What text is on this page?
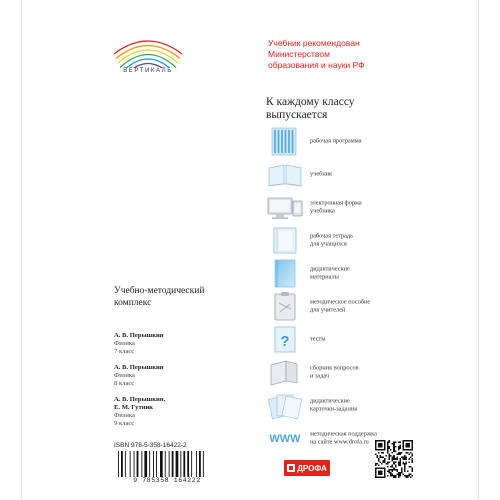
ВЕРТИКАЛЬ
Учебник рекомендован
Министерством
образования и науки РФ
К каждому классу
выпускается
рабочая программа
учебник
электронная форма
учебника
рабочая тетрадь
для учащихся
дидактические
материалы
методическое пособие
для учителей
?	тесты
сборник вопросов
и задач
дидактические
карточки-задания
WWW методическая поддержка
на сайте www.drofa.ru
Учебно-методический
комплекс
А. В. Перышкин
Физика
7 класс
А. В. Перышкин
Физика
8 класс
А. В. Перышкин,
Е. М. Гутник
Физика
9 класс
ISBN 978-5-358-16422-2
9 785358 164222
ДРОФА
